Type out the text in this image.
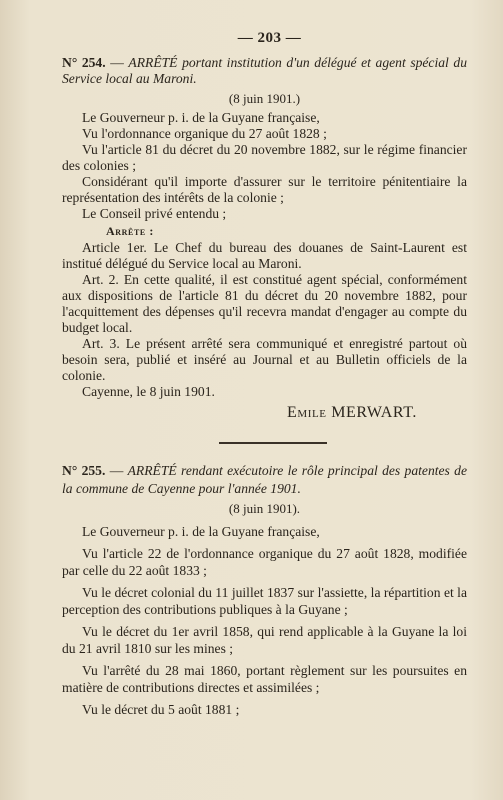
— 203 —

N° 254. — ARRÊTÉ portant institution d'un délégué et agent spécial du Service local au Maroni.

(8 juin 1901.)

Le Gouverneur p. i. de la Guyane française,

Vu l'ordonnance organique du 27 août 1828 ;

Vu l'article 81 du décret du 20 novembre 1882, sur le régime financier des colonies ;

Considérant qu'il importe d'assurer sur le territoire pénitentiaire la représentation des intérêts de la colonie ;

Le Conseil privé entendu ;

Arrête :

Article 1er. Le Chef du bureau des douanes de Saint-Laurent est institué délégué du Service local au Maroni.

Art. 2. En cette qualité, il est constitué agent spécial, conformément aux dispositions de l'article 81 du décret du 20 novembre 1882, pour l'acquittement des dépenses qu'il recevra mandat d'engager au compte du budget local.

Art. 3. Le présent arrêté sera communiqué et enregistré partout où besoin sera, publié et inséré au Journal et au Bulletin officiels de la colonie.

Cayenne, le 8 juin 1901.

Emile MERWART.

N° 255. — ARRÊTÉ rendant exécutoire le rôle principal des patentes de la commune de Cayenne pour l'année 1901.

(8 juin 1901).

Le Gouverneur p. i. de la Guyane française,

Vu l'article 22 de l'ordonnance organique du 27 août 1828, modifiée par celle du 22 août 1833 ;

Vu le décret colonial du 11 juillet 1837 sur l'assiette, la répartition et la perception des contributions publiques à la Guyane ;

Vu le décret du 1er avril 1858, qui rend applicable à la Guyane la loi du 21 avril 1810 sur les mines ;

Vu l'arrêté du 28 mai 1860, portant règlement sur les poursuites en matière de contributions directes et assimilées ;

Vu le décret du 5 août 1881 ;
